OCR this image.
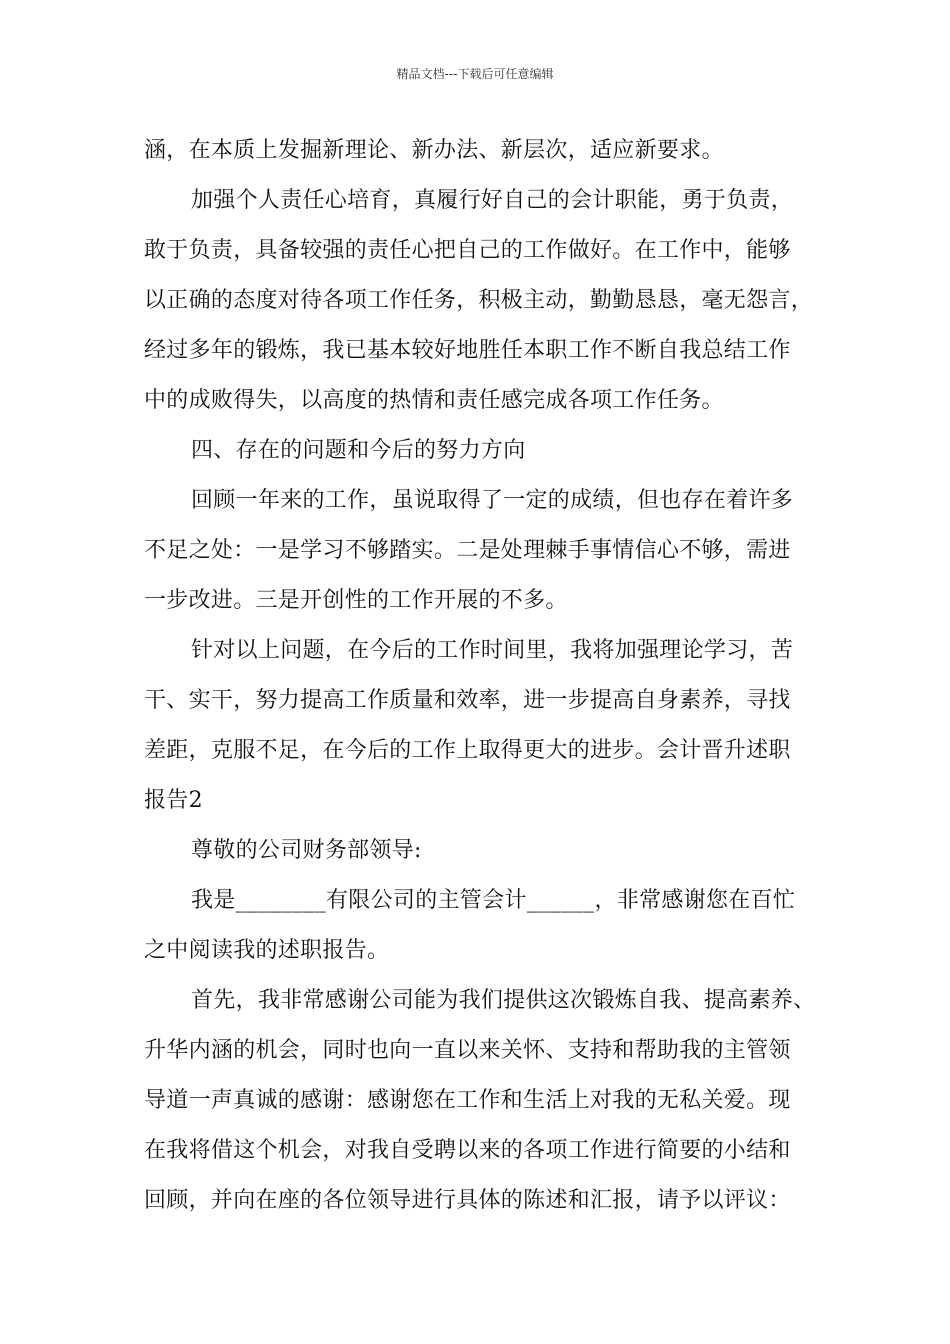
精品文档---下载后可任意编辑
涵，在本质上发掘新理论、新办法、新层次，适应新要求。
加强个人责任心培育，真履行好自己的会计职能，勇于负责，
敢于负责，具备较强的责任心把自己的工作做好。在工作中，能够
以正确的态度对待各项工作任务，积极主动，勤勤恳恳，毫无怨言，
经过多年的锻炼，我已基本较好地胜任本职工作不断自我总结工作
中的成败得失，以高度的热情和责任感完成各项工作任务。
四、存在的问题和今后的努力方向
回顾一年来的工作，虽说取得了一定的成绩，但也存在着许多
不足之处：一是学习不够踏实。二是处理棘手事情信心不够，需进
一步改进。三是开创性的工作开展的不多。
针对以上问题，在今后的工作时间里，我将加强理论学习，苦
干、实干，努力提高工作质量和效率，进一步提高自身素养，寻找
差距，克服不足，在今后的工作上取得更大的进步。会计晋升述职
报告2
尊敬的公司财务部领导:
我是________有限公司的主管会计______，非常感谢您在百忙
之中阅读我的述职报告。
首先，我非常感谢公司能为我们提供这次锻炼自我、提高素养、
升华内涵的机会，同时也向一直以来关怀、支持和帮助我的主管领
导道一声真诚的感谢：感谢您在工作和生活上对我的无私关爱。现
在我将借这个机会，对我自受聘以来的各项工作进行简要的小结和
回顾，并向在座的各位领导进行具体的陈述和汇报，请予以评议：
